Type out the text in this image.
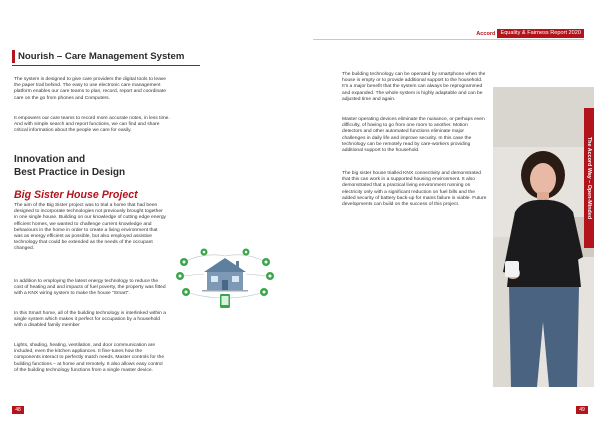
Accord Equality & Fairness Report 2020
Nourish – Care Management System

The system is designed to give care providers the digital tools to leave the paper trail behind. The easy to use electronic care management platform enables our care teams to plan, record, report and coordinate care on the go from phones and Computers.

It empowers our care teams to record more accurate notes, in less time. And with simple search and report functions, we can find and share critical information about the people we care for easily.

Innovation and
Best Practice in Design
Big Sister House Project

The aim of the Big Sister project was to trial a home that had been designed to incorporate technologies not previously brought together in one single house. Building on our knowledge of cutting edge energy efficient homes, we wanted to challenge current knowledge and behaviours in the home in order to create a living environment that was as energy efficient as possible, but also employed assistive technology that could be extended as the needs of the occupant changed.

In addition to employing the latest energy technology to reduce the cost of heating and and impacts of fuel poverty, the property was fitted with a KNX wiring system to make the house “Smart”.

In this Smart home, all of the building technology is interlinked within a single system which makes it perfect for occupation by a household with a disabled family member

Lights, shading, heating, ventilation, and door communication are included, even the kitchen appliances. It fine-tunes how the components interact to perfectly match needs. Master controls for the building functions – at home and remotely. It also allows easy control of the building technology functions from a single master device.

The building technology can be operated by smartphone when the house is empty or to provide additional support to the household. It’s a major benefit that the system can always be reprogrammed and expanded. The whole system is highly adaptable and can be adjusted time and again.

Master operating devices eliminate the nuisance, or perhaps even difficulty, of having to go from one room to another. Motion detectors and other automated functions eliminate major challenges in daily life and improve security. In this case the technology can be remotely read by care-workers providing additional support to the household.

The big sister house trialled KNX connectivity and demonstrated that this can work in a supported housing environment. It also demonstrated that a practical living environment running on electricity only with a significant reduction on fuel bills and the added security of battery back-up for mains failure is viable. Future developments can build on the success of this project.	The Accord Way – Open-Minded
48	49
